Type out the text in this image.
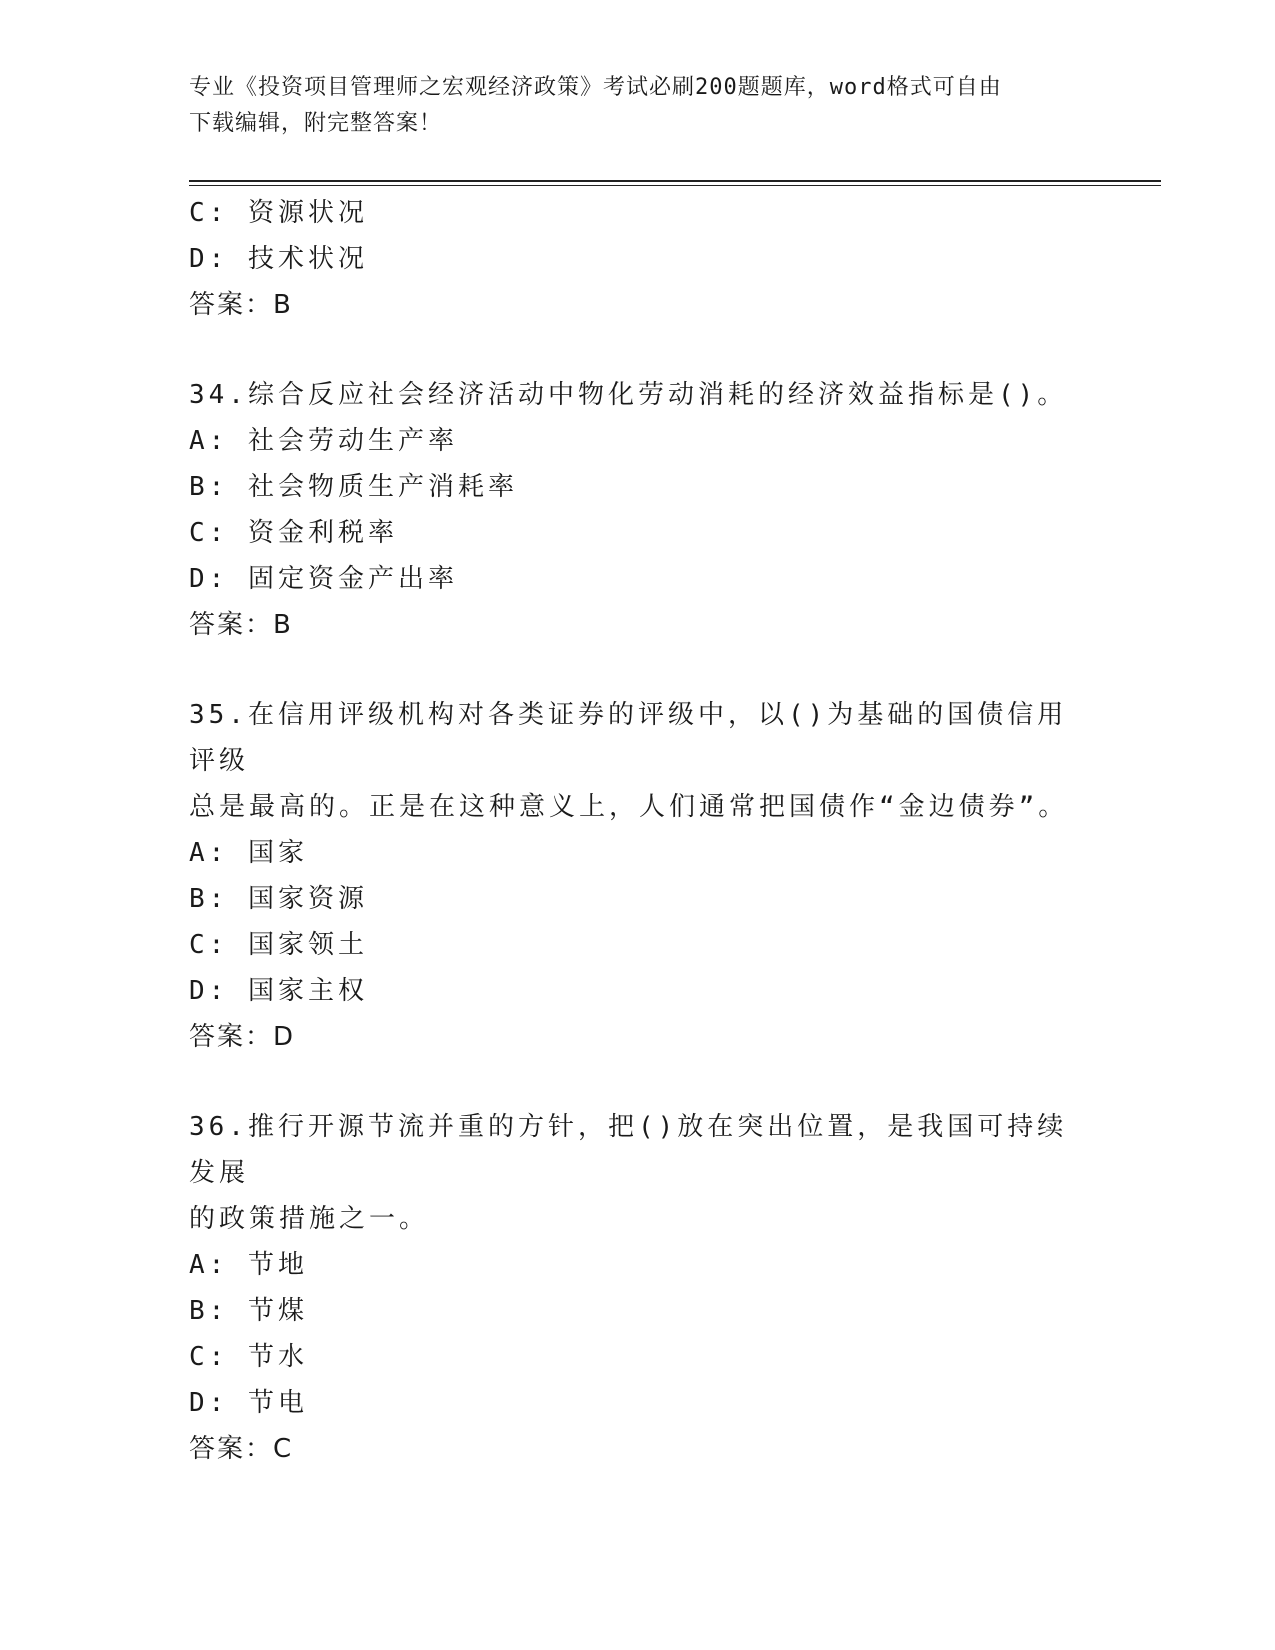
专业《投资项目管理师之宏观经济政策》考试必刷200题题库，word格式可自由
下载编辑，附完整答案！
C: 资源状况
D: 技术状况
答案：B
34.综合反应社会经济活动中物化劳动消耗的经济效益指标是()。
A: 社会劳动生产率
B: 社会物质生产消耗率
C: 资金利税率
D: 固定资金产出率
答案：B
35.在信用评级机构对各类证券的评级中，以()为基础的国债信用评级
总是最高的。正是在这种意义上，人们通常把国债作“金边债券”。
A: 国家
B: 国家资源
C: 国家领土
D: 国家主权
答案：D
36.推行开源节流并重的方针，把()放在突出位置，是我国可持续发展
的政策措施之一。
A: 节地
B: 节煤
C: 节水
D: 节电
答案：C
